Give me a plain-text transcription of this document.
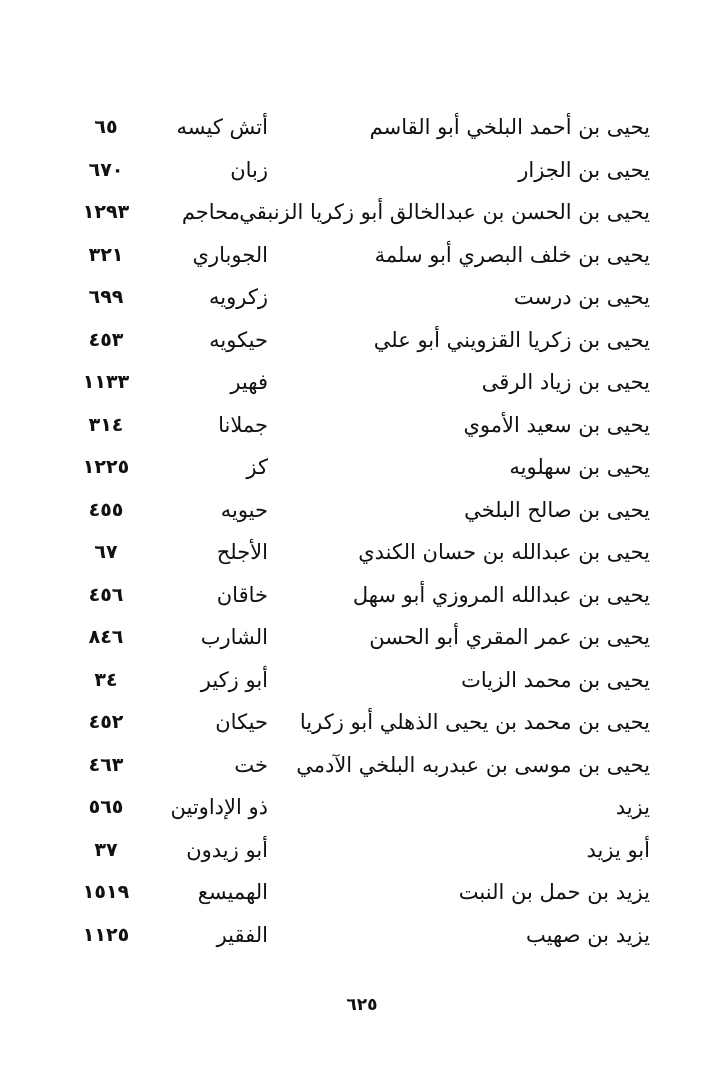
يحيى بن أحمد البلخي أبو القاسم
أتش كيسه
٦٥
يحيى بن الجزار
زبان
٦٧٠
يحيى بن الحسن بن عبدالخالق أبو زكريا الزنبقي
محاجم
١٢٩٣
يحيى بن خلف البصري أبو سلمة
الجوباري
٣٢١
يحيى بن درست
زكرويه
٦٩٩
يحيى بن زكريا القزويني أبو علي
حيكويه
٤٥٣
يحيى بن زياد الرقى
فهير
١١٣٣
يحيى بن سعيد الأموي
جملانا
٣١٤
يحيى بن سهلويه
كز
١٢٢٥
يحيى بن صالح البلخي
حيويه
٤٥٥
يحيى بن عبدالله بن حسان الكندي
الأجلح
٦٧
يحيى بن عبدالله المروزي أبو سهل
خاقان
٤٥٦
يحيى بن عمر المقري أبو الحسن
الشارب
٨٤٦
يحيى بن محمد الزيات
أبو زكير
٣٤
يحيى بن محمد بن يحيى الذهلي أبو زكريا
حيكان
٤٥٢
يحيى بن موسى بن عبدربه البلخي الآدمي
خت
٤٦٣
يزيد
ذو الإداوتين
٥٦٥
أبو يزيد
أبو زيدون
٣٧
يزيد بن حمل بن النبت
الهميسع
١٥١٩
يزيد بن صهيب
الفقير
١١٢٥
٦٢٥
